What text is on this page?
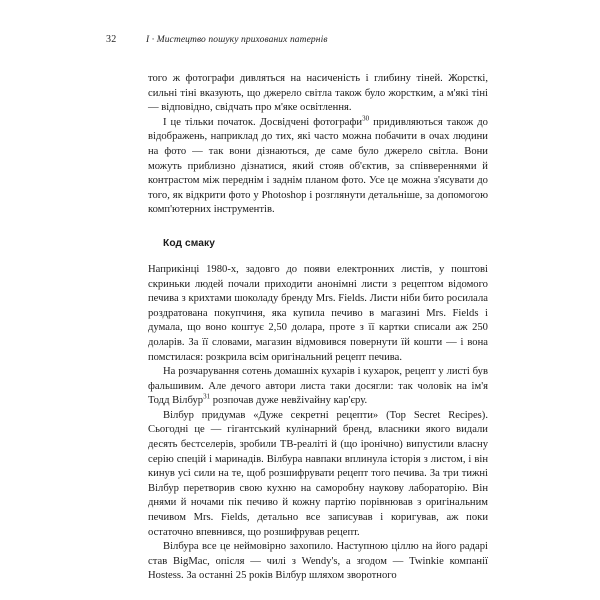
32	І · Мистецтво пошуку прихованих патернів

того ж фотографи дивляться на насиченість і глибину тіней. Жорсткі, сильні тіні вказують, що джерело світла також було жорстким, а м'які тіні — відповідно, свідчать про м'яке освітлення.

І це тільки початок. Досвідчені фотографи$^{30}$ придивляються також до відображень, наприклад до тих, які часто можна побачити в очах людини на фото — так вони дізнаються, де саме було джерело світла. Вони можуть приблизно дізнатися, який стояв об'єктив, за співвереннями й контрастом між переднім і заднім планом фото. Усе це можна з'ясувати до того, як відкрити фото у Photoshop і розглянути детальніше, за допомогою комп'ютерних інструментів.

Код смаку

Наприкінці 1980-х, задовго до появи електронних листів, у поштові скриньки людей почали приходити анонімні листи з рецептом відомого печива з крихтами шоколаду бренду Mrs. Fields. Листи ніби бито росилала роздратована покупчиня, яка купила печиво в магазині Mrs. Fields і думала, що воно коштує 2,50 долара, проте з її картки списали аж 250 доларів. За її словами, магазин відмовився повернути їй кошти — і вона помстилася: розкрила всім оригінальний рецепт печива.

На розчарування сотень домашніх кухарів і кухарок, рецепт у листі був фальшивим. Але дечого автори листа таки досягли: так чоловік на ім'я Тодд Вілбур$^{31}$ розпочав дуже невživайну кар'єру.

Вілбур придумав «Дуже секретні рецепти» (Top Secret Recipes). Сьогодні це — гігантський кулінарний бренд, власники якого видали десять бестселерів, зробили ТВ-реаліті й (що іронічно) випустили власну серію спецій і маринадів. Вілбура навпаки вплинула історія з листом, і він кинув усі сили на те, щоб розшифрувати рецепт того печива. За три тижні Вілбур перетворив свою кухню на саморобну наукову лабораторію. Він днями й ночами пік печиво й кожну партію порівнював з оригінальним печивом Mrs. Fields, детально все записував і коригував, аж поки остаточно впевнився, що розшифрував рецепт.

Вілбура все це неймовірно захопило. Наступною ціллю на його радарі став BigMac, опісля — чилі з Wendy's, а згодом — Twinkie компанії Hostess. За останні 25 років Вілбур шляхом зворотного
